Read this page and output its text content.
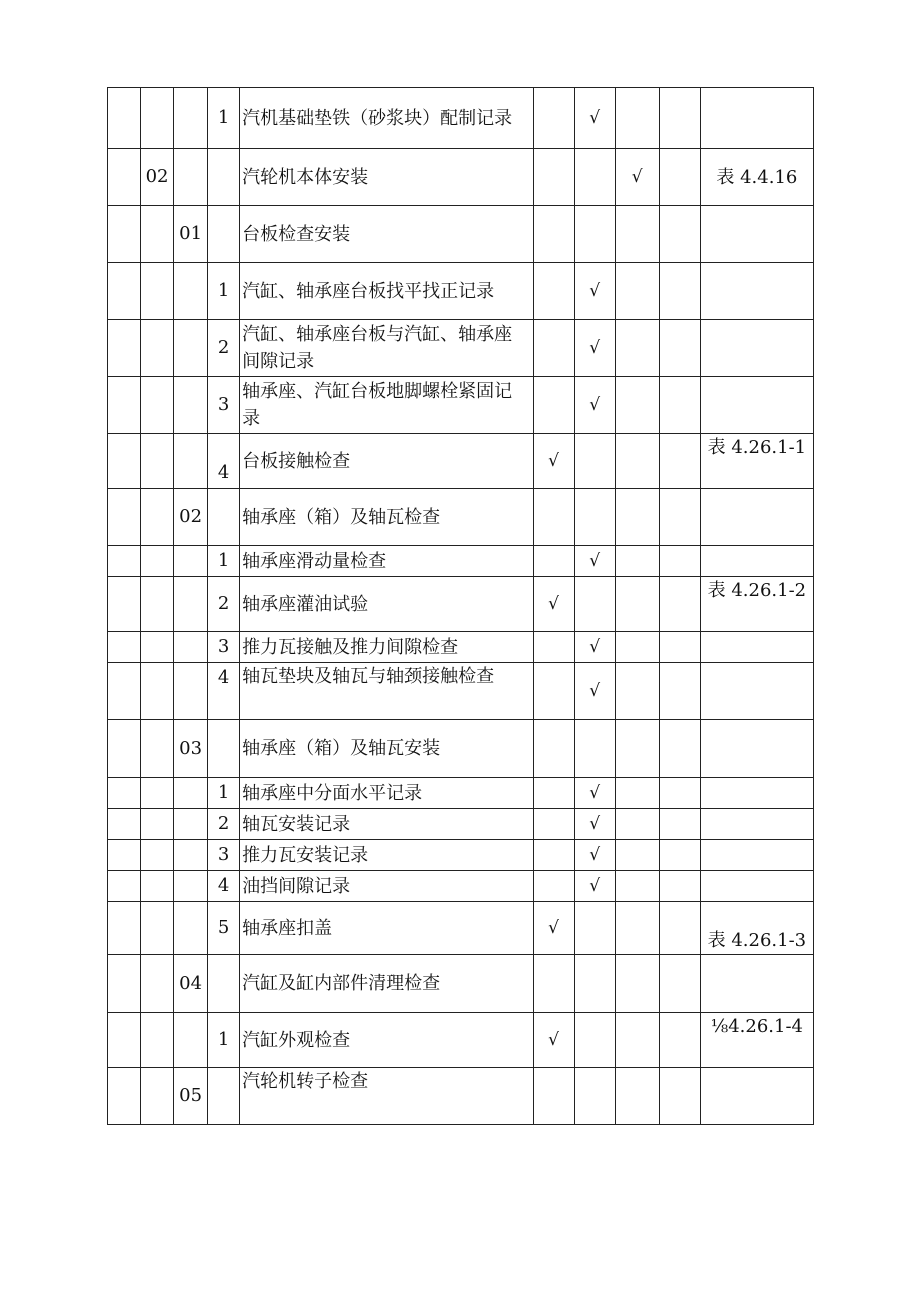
			1	汽机基础垫铁（砂浆块）配制记录		√			
	02			汽轮机本体安装			√		表 4.4.16
		01		台板检查安装					
			1	汽缸、轴承座台板找平找正记录		√			
			2	汽缸、轴承座台板与汽缸、轴承座间隙记录		√			
			3	轴承座、汽缸台板地脚螺栓紧固记录		√			
			4	台板接触检查	√				表 4.26.1-1
		02		轴承座（箱）及轴瓦检查					
			1	轴承座滑动量检查		√			
			2	轴承座灌油试验	√				表 4.26.1-2
			3	推力瓦接触及推力间隙检查		√			
			4	轴瓦垫块及轴瓦与轴颈接触检查		√			
		03		轴承座（箱）及轴瓦安装					
			1	轴承座中分面水平记录		√			
			2	轴瓦安装记录		√			
			3	推力瓦安装记录		√			
			4	油挡间隙记录		√			
			5	轴承座扣盖	√				表 4.26.1-3
		04		汽缸及缸内部件清理检查					
			1	汽缸外观检查	√				⅛4.26.1-4
		05		汽轮机转子检查					
